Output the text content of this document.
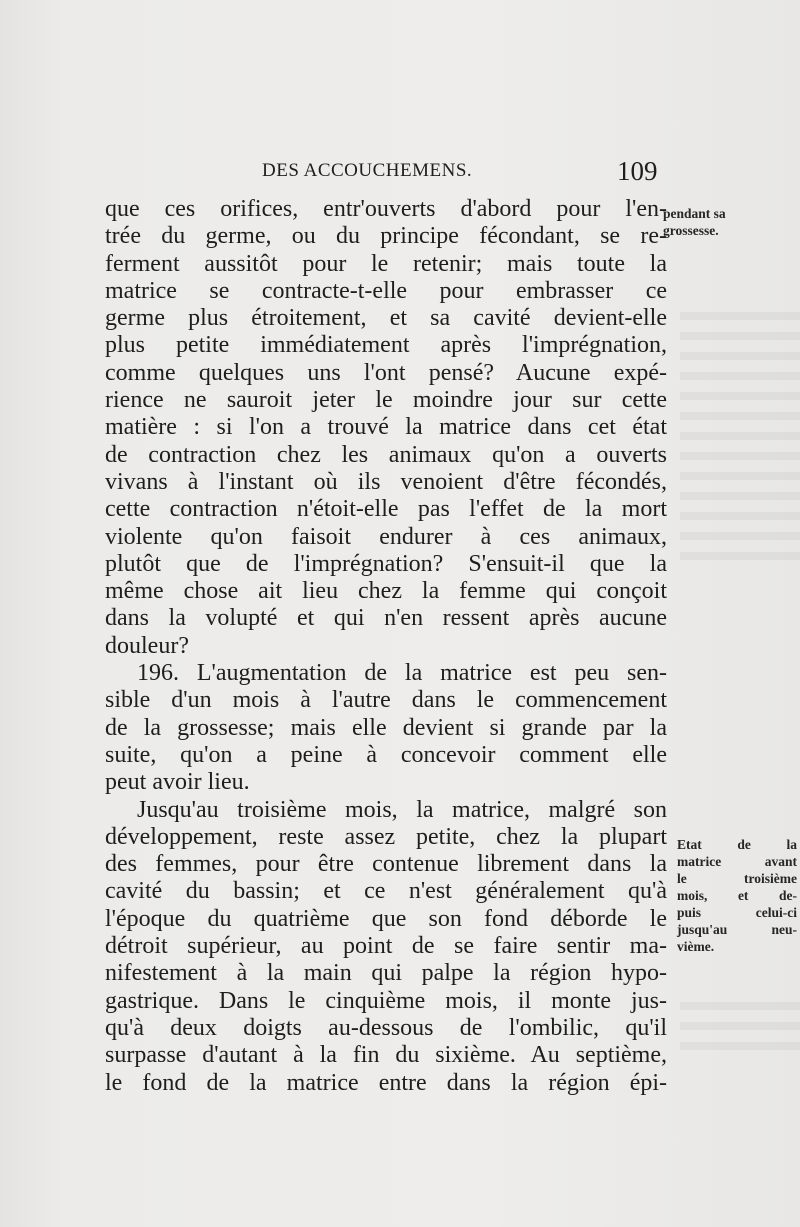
DES ACCOUCHEMENS.	109
que ces orifices, entr'ouverts d'abord pour l'en-
trée du germe, ou du principe fécondant, se re-
ferment aussitôt pour le retenir; mais toute la
matrice se contracte-t-elle pour embrasser ce
germe plus étroitement, et sa cavité devient-elle
plus petite immédiatement après l'imprégnation,
comme quelques uns l'ont pensé? Aucune expé-
rience ne sauroit jeter le moindre jour sur cette
matière : si l'on a trouvé la matrice dans cet état
de contraction chez les animaux qu'on a ouverts
vivans à l'instant où ils venoient d'être fécondés,
cette contraction n'étoit-elle pas l'effet de la mort
violente qu'on faisoit endurer à ces animaux,
plutôt que de l'imprégnation? S'ensuit-il que la
même chose ait lieu chez la femme qui conçoit
dans la volupté et qui n'en ressent après aucune
douleur?
196. L'augmentation de la matrice est peu sen-
sible d'un mois à l'autre dans le commencement
de la grossesse; mais elle devient si grande par la
suite, qu'on a peine à concevoir comment elle
peut avoir lieu.
Jusqu'au troisième mois, la matrice, malgré son
développement, reste assez petite, chez la plupart
des femmes, pour être contenue librement dans la
cavité du bassin; et ce n'est généralement qu'à
l'époque du quatrième que son fond déborde le
détroit supérieur, au point de se faire sentir ma-
nifestement à la main qui palpe la région hypo-
gastrique. Dans le cinquième mois, il monte jus-
qu'à deux doigts au-dessous de l'ombilic, qu'il
surpasse d'autant à la fin du sixième. Au septième,
le fond de la matrice entre dans la région épi-
pendant sa
grossesse.
Etat de la
matrice avant
le troisième
mois, et de-
puis celui-ci
jusqu'au neu-
vième.
